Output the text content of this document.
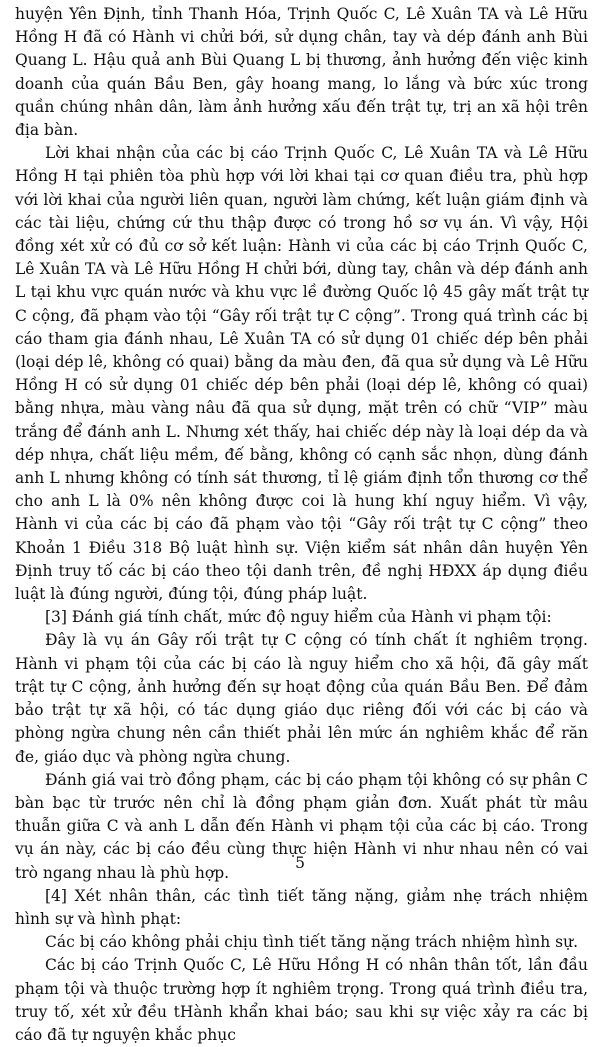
huyện Yên Định, tỉnh Thanh Hóa, Trịnh Quốc C, Lê Xuân TA và Lê Hữu Hồng H đã có Hành vi chửi bới, sử dụng chân, tay và dép đánh anh Bùi Quang L. Hậu quả anh Bùi Quang L bị thương, ảnh hưởng đến việc kinh doanh của quán Bầu Ben, gây hoang mang, lo lắng và bức xúc trong quần chúng nhân dân, làm ảnh hưởng xấu đến trật tự, trị an xã hội trên địa bàn.

Lời khai nhận của các bị cáo Trịnh Quốc C, Lê Xuân TA và Lê Hữu Hồng H tại phiên tòa phù hợp với lời khai tại cơ quan điều tra, phù hợp với lời khai của người liên quan, người làm chứng, kết luận giám định và các tài liệu, chứng cứ thu thập được có trong hồ sơ vụ án. Vì vậy, Hội đồng xét xử có đủ cơ sở kết luận: Hành vi của các bị cáo Trịnh Quốc C, Lê Xuân TA và Lê Hữu Hồng H chửi bới, dùng tay, chân và dép đánh anh L tại khu vực quán nước và khu vực lề đường Quốc lộ 45 gây mất trật tự C cộng, đã phạm vào tội “Gây rối trật tự C cộng”. Trong quá trình các bị cáo tham gia đánh nhau, Lê Xuân TA có sử dụng 01 chiếc dép bên phải (loại dép lê, không có quai) bằng da màu đen, đã qua sử dụng và Lê Hữu Hồng H có sử dụng 01 chiếc dép bên phải (loại dép lê, không có quai) bằng nhựa, màu vàng nâu đã qua sử dụng, mặt trên có chữ “VIP” màu trắng để đánh anh L. Nhưng xét thấy, hai chiếc dép này là loại dép da và dép nhựa, chất liệu mềm, đế bằng, không có cạnh sắc nhọn, dùng đánh anh L nhưng không có tính sát thương, tỉ lệ giám định tổn thương cơ thể cho anh L là 0% nên không được coi là hung khí nguy hiểm. Vì vậy, Hành vi của các bị cáo đã phạm vào tội “Gây rối trật tự C cộng” theo Khoản 1 Điều 318 Bộ luật hình sự. Viện kiểm sát nhân dân huyện Yên Định truy tố các bị cáo theo tội danh trên, đề nghị HĐXX áp dụng điều luật là đúng người, đúng tội, đúng pháp luật.

[3] Đánh giá tính chất, mức độ nguy hiểm của Hành vi phạm tội:

Đây là vụ án Gây rối trật tự C cộng có tính chất ít nghiêm trọng. Hành vi phạm tội của các bị cáo là nguy hiểm cho xã hội, đã gây mất trật tự C cộng, ảnh hưởng đến sự hoạt động của quán Bầu Ben. Để đảm bảo trật tự xã hội, có tác dụng giáo dục riêng đối với các bị cáo và phòng ngừa chung nên cần thiết phải lên mức án nghiêm khắc để răn đe, giáo dục và phòng ngừa chung.

Đánh giá vai trò đồng phạm, các bị cáo phạm tội không có sự phân C bàn bạc từ trước nên chỉ là đồng phạm giản đơn. Xuất phát từ mâu thuẫn giữa C và anh L dẫn đến Hành vi phạm tội của các bị cáo. Trong vụ án này, các bị cáo đều cùng thực hiện Hành vi như nhau nên có vai trò ngang nhau là phù hợp.

[4] Xét nhân thân, các tình tiết tăng nặng, giảm nhẹ trách nhiệm hình sự và hình phạt:

Các bị cáo không phải chịu tình tiết tăng nặng trách nhiệm hình sự.

Các bị cáo Trịnh Quốc C, Lê Hữu Hồng H có nhân thân tốt, lần đầu phạm tội và thuộc trường hợp ít nghiêm trọng. Trong quá trình điều tra, truy tố, xét xử đều tHành khẩn khai báo; sau khi sự việc xảy ra các bị cáo đã tự nguyện khắc phục

5
